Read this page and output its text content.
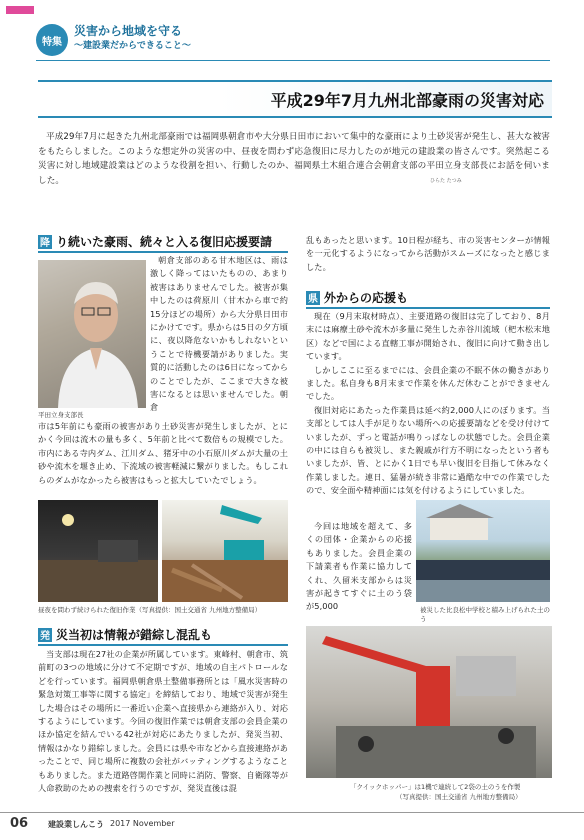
特集
災害から地域を守る
〜建設業だからできること〜
平成29年7月九州北部豪雨の災害対応
ひらた たつみ

平成29年7月に起きた九州北部豪雨では福岡県朝倉市や大分県日田市において集中的な豪雨により土砂災害が発生し、甚大な被害をもたらしました。このような想定外の災害の中、昼夜を問わず応急復旧に尽力したのが地元の建設業の皆さんです。突然起こる災害に対し地域建設業はどのような役割を担い、行動したのか、福岡県土木組合連合会朝倉支部の平田立身支部長にお話を伺いました。

降 り続いた豪雨、続々と入る復旧応援要請
平田立身支部長

朝倉支部のある甘木地区は、雨は激しく降ってはいたものの、あまり被害はありませんでした。被害が集中したのは荷原川（甘木から車で約15分ほどの場所）から大分県日田市にかけてです。県からは5日の夕方頃に、夜以降危ないかもしれないということで待機要請がありました。実質的に活動したのは6日になってからのことでしたが、ここまで大きな被害になるとは思いませんでした。朝倉

市は5年前にも豪雨の被害があり土砂災害が発生しましたが、とにかく今回は流木の量も多く、5年前と比べて数倍もの規模でした。市内にある寺内ダム、江川ダム、猪牙中の小石原川ダムが大量の土砂や流木を堰き止め、下流域の被害軽減に繋がりました。もしこれらのダムがなかったら被害はもっと拡大していたでしょう。

昼夜を問わず続けられた復旧作業（写真提供：国土交通省 九州地方整備局）
発 災当初は情報が錯綜し混乱も

当支部は現在27社の企業が所属しています。東峰村、朝倉市、筑前町の3つの地域に分けて不定期ですが、地域の自主パトロールなどを行っています。福岡県朝倉県土整備事務所とは「風水災害時の緊急対策工事等に関する協定」を締結しており、地域で災害が発生した場合はその場所に一番近い企業へ直接県から連絡が入り、対応するようにしています。今回の復旧作業では朝倉支部の会員企業のほか協定を結んでいる42社が対応にあたりましたが、発災当初、情報はかなり錯綜しました。会員には県や市などから直接連絡があったことで、同じ場所に複数の会社がバッティングするようなこともありました。また道路啓開作業と同時に消防、警察、自衛隊等が人命救助のための捜索を行うのですが、発災直後は混

乱もあったと思います。10日程が経ち、市の災害センターが情報を一元化するようになってから活動がスムーズになったと感じました。

県 外からの応援も

現在（9月末取材時点）、主要道路の復旧は完了しており、8月末には麻療土砂や流木が多量に発生した赤谷川流域（杷木松末地区）などで国による直轄工事が開始され、復旧に向けて動き出しています。

しかしここに至るまでには、会員企業の不眠不休の働きがありました。私自身も8月末まで作業を休んだ休むことができませんでした。

復旧対応にあたった作業員は延べ約2,000人にのぼります。当支部としては人手が足りない場所への応援要請などを受け付けていましたが、ずっと電話が鳴りっぱなしの状態でした。会員企業の中には自らも被災し、また親戚が行方不明になったという者もいましたが、皆、とにかく1日でも早い復旧を目指して休みなく作業しました。連日、猛暑が続き非常に過酷な中での作業でしたので、安全面や精神面には気を付けるようにしていました。

今回は地域を超えて、多くの団体・企業からの応援もありました。会員企業の下請業者も作業に協力してくれ、久留米支部からは災害が起きてすぐに土のう袋が5,000	被災した比良松中学校と積み上げられた土のう
「クイックホッパー」は1機で連続して2袋の土のうを作製
（写真提供：国土交通省 九州地方整備局）
06 建設業しんこう 2017 November
